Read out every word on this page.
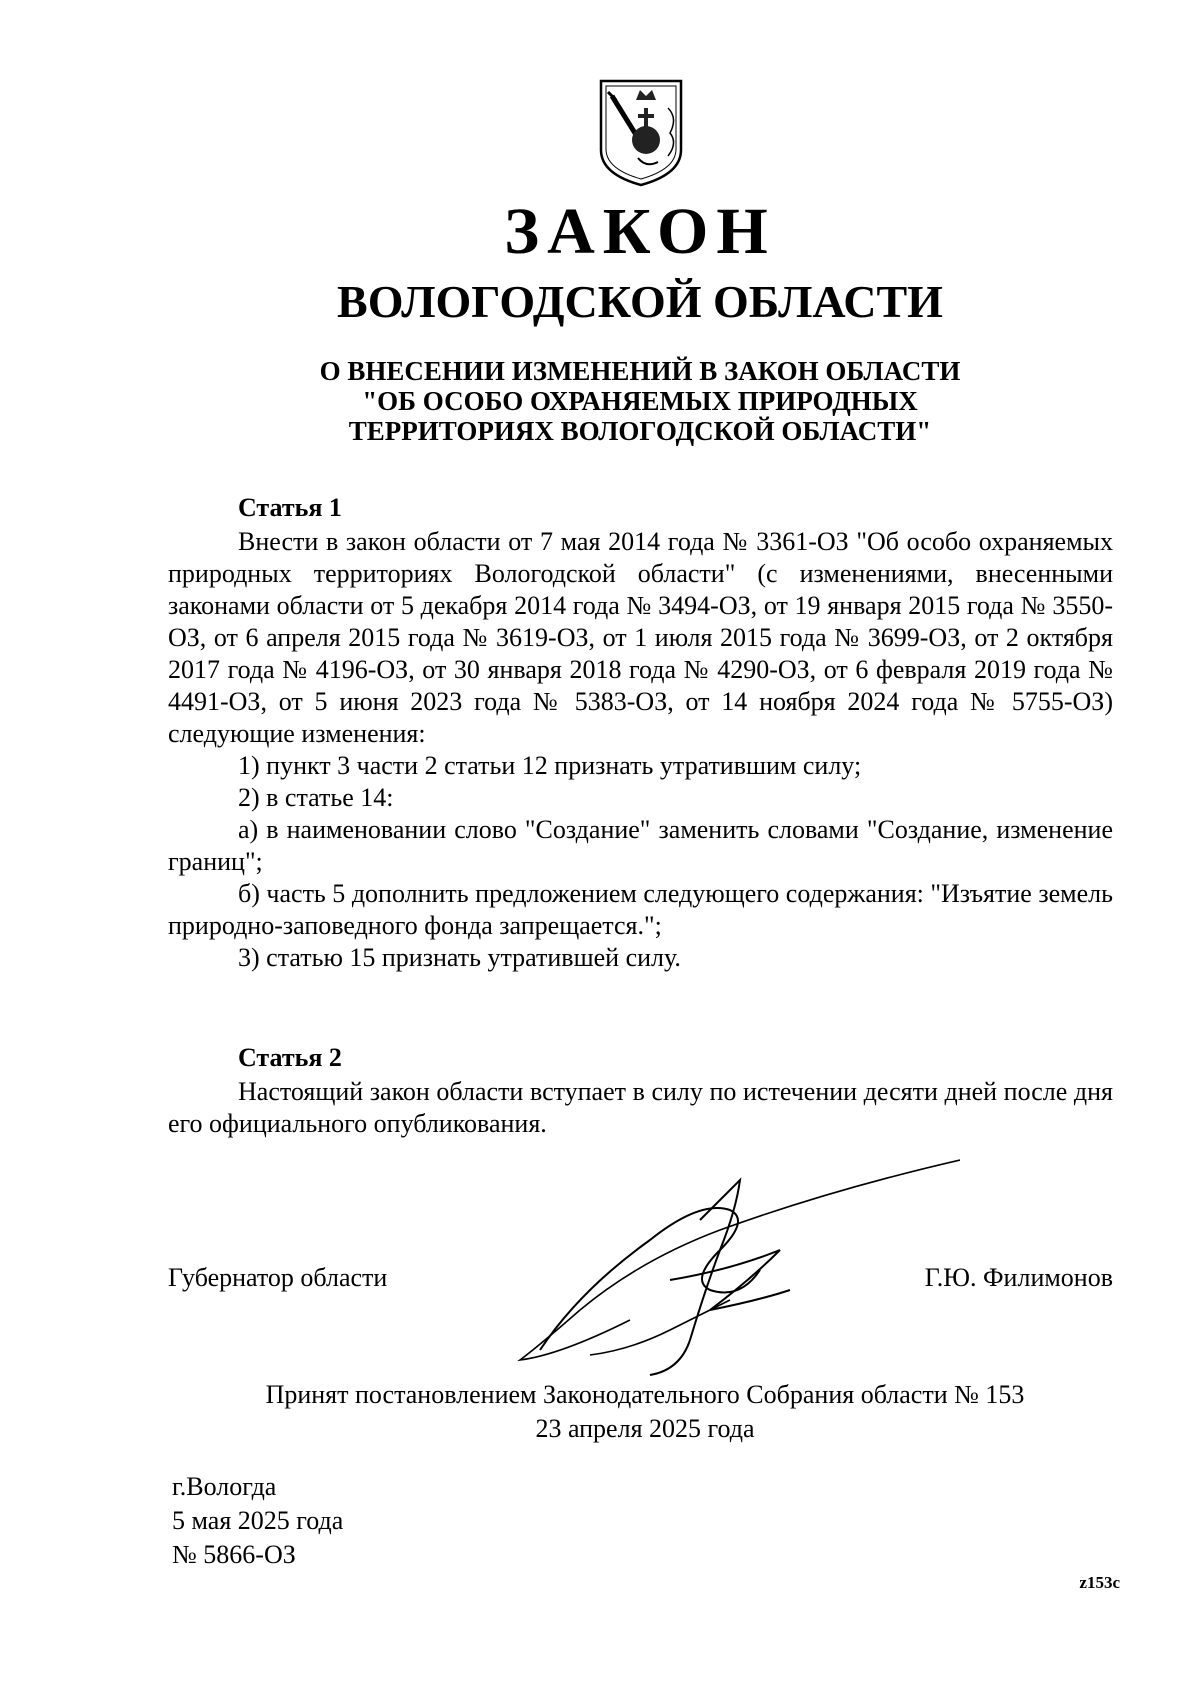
ЗАКОН
ВОЛОГОДСКОЙ ОБЛАСТИ
О ВНЕСЕНИИ ИЗМЕНЕНИЙ В ЗАКОН ОБЛАСТИ
"ОБ ОСОБО ОХРАНЯЕМЫХ ПРИРОДНЫХ
ТЕРРИТОРИЯХ ВОЛОГОДСКОЙ ОБЛАСТИ"
Статья 1

Внести в закон области от 7 мая 2014 года № 3361-ОЗ "Об особо охраняемых природных территориях Вологодской области" (с изменениями, внесенными законами области от 5 декабря 2014 года № 3494-ОЗ, от 19 января 2015 года № 3550-ОЗ, от 6 апреля 2015 года № 3619-ОЗ, от 1 июля 2015 года № 3699-ОЗ, от 2 октября 2017 года № 4196-ОЗ, от 30 января 2018 года № 4290-ОЗ, от 6 февраля 2019 года № 4491-ОЗ, от 5 июня 2023 года № 5383-ОЗ, от 14 ноября 2024 года № 5755-ОЗ) следующие изменения:

1) пункт 3 части 2 статьи 12 признать утратившим силу;

2) в статье 14:

а) в наименовании слово "Создание" заменить словами "Создание, изменение границ";

б) часть 5 дополнить предложением следующего содержания: "Изъятие земель природно-заповедного фонда запрещается.";

3) статью 15 признать утратившей силу.

Статья 2

Настоящий закон области вступает в силу по истечении десяти дней после дня его официального опубликования.

Губернатор области	Г.Ю. Филимонов
Принят постановлением Законодательного Собрания области № 153
23 апреля 2025 года
г.Вологда
5 мая 2025 года
№ 5866-ОЗ
z153c
